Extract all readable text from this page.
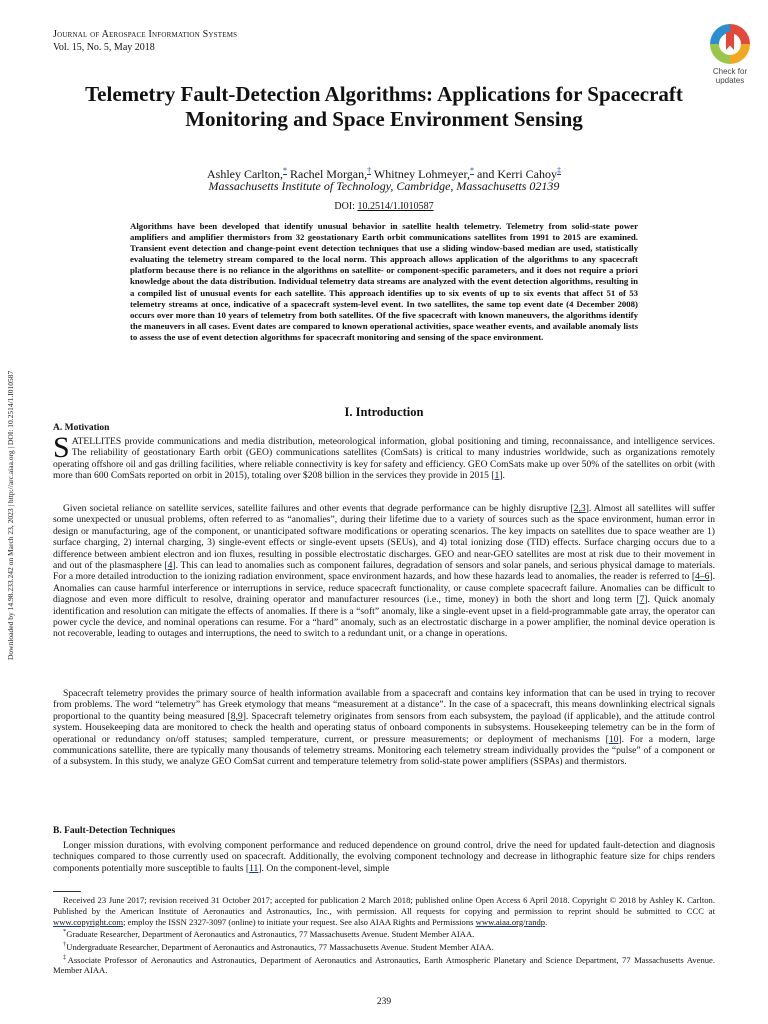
Downloaded by 14.98.233.242 on March 23, 2023 | http://arc.aiaa.org | DOI: 10.2514/1.I010587
Journal of Aerospace Information Systems
Vol. 15, No. 5, May 2018
Check for
updates
Telemetry Fault-Detection Algorithms: Applications for Spacecraft
Monitoring and Space Environment Sensing
Ashley Carlton,* Rachel Morgan,† Whitney Lohmeyer,* and Kerri Cahoy‡
Massachusetts Institute of Technology, Cambridge, Massachusetts 02139
DOI: 10.2514/1.I010587
Algorithms have been developed that identify unusual behavior in satellite health telemetry. Telemetry from solid-state power amplifiers and amplifier thermistors from 32 geostationary Earth orbit communications satellites from 1991 to 2015 are examined. Transient event detection and change-point event detection techniques that use a sliding window-based median are used, statistically evaluating the telemetry stream compared to the local norm. This approach allows application of the algorithms to any spacecraft platform because there is no reliance in the algorithms on satellite- or component-specific parameters, and it does not require a priori knowledge about the data distribution. Individual telemetry data streams are analyzed with the event detection algorithms, resulting in a compiled list of unusual events for each satellite. This approach identifies up to six events of up to six events that affect 51 of 53 telemetry streams at once, indicative of a spacecraft system-level event. In two satellites, the same top event date (4 December 2008) occurs over more than 10 years of telemetry from both satellites. Of the five spacecraft with known maneuvers, the algorithms identify the maneuvers in all cases. Event dates are compared to known operational activities, space weather events, and available anomaly lists to assess the use of event detection algorithms for spacecraft monitoring and sensing of the space environment.
I. Introduction
A. Motivation
SATELLITES provide communications and media distribution, meteorological information, global positioning and timing, reconnaissance, and intelligence services. The reliability of geostationary Earth orbit (GEO) communications satellites (ComSats) is critical to many industries worldwide, such as organizations remotely operating offshore oil and gas drilling facilities, where reliable connectivity is key for safety and efficiency. GEO ComSats make up over 50% of the satellites on orbit (with more than 600 ComSats reported on orbit in 2015), totaling over $208 billion in the services they provide in 2015 [1].
Given societal reliance on satellite services, satellite failures and other events that degrade performance can be highly disruptive [2,3]. Almost all satellites will suffer some unexpected or unusual problems, often referred to as “anomalies”, during their lifetime due to a variety of sources such as the space environment, human error in design or manufacturing, age of the component, or unanticipated software modifications or operating scenarios. The key impacts on satellites due to space weather are 1) surface charging, 2) internal charging, 3) single-event effects or single-event upsets (SEUs), and 4) total ionizing dose (TID) effects. Surface charging occurs due to a difference between ambient electron and ion fluxes, resulting in possible electrostatic discharges. GEO and near-GEO satellites are most at risk due to their movement in and out of the plasmasphere [4]. This can lead to anomalies such as component failures, degradation of sensors and solar panels, and serious physical damage to materials. For a more detailed introduction to the ionizing radiation environment, space environment hazards, and how these hazards lead to anomalies, the reader is referred to [4–6]. Anomalies can cause harmful interference or interruptions in service, reduce spacecraft functionality, or cause complete spacecraft failure. Anomalies can be difficult to diagnose and even more difficult to resolve, draining operator and manufacturer resources (i.e., time, money) in both the short and long term [7]. Quick anomaly identification and resolution can mitigate the effects of anomalies. If there is a “soft” anomaly, like a single-event upset in a field-programmable gate array, the operator can power cycle the device, and nominal operations can resume. For a “hard” anomaly, such as an electrostatic discharge in a power amplifier, the nominal device operation is not recoverable, leading to outages and interruptions, the need to switch to a redundant unit, or a change in operations.
Spacecraft telemetry provides the primary source of health information available from a spacecraft and contains key information that can be used in trying to recover from problems. The word “telemetry” has Greek etymology that means “measurement at a distance”. In the case of a spacecraft, this means downlinking electrical signals proportional to the quantity being measured [8,9]. Spacecraft telemetry originates from sensors from each subsystem, the payload (if applicable), and the attitude control system. Housekeeping data are monitored to check the health and operating status of onboard components in subsystems. Housekeeping telemetry can be in the form of operational or redundancy on/off statuses; sampled temperature, current, or pressure measurements; or deployment of mechanisms [10]. For a modern, large communications satellite, there are typically many thousands of telemetry streams. Monitoring each telemetry stream individually provides the “pulse” of a component or of a subsystem. In this study, we analyze GEO ComSat current and temperature telemetry from solid-state power amplifiers (SSPAs) and thermistors.
B. Fault-Detection Techniques
Longer mission durations, with evolving component performance and reduced dependence on ground control, drive the need for updated fault-detection and diagnosis techniques compared to those currently used on spacecraft. Additionally, the evolving component technology and decrease in lithographic feature size for chips renders components potentially more susceptible to faults [11]. On the component-level, simple

Received 23 June 2017; revision received 31 October 2017; accepted for publication 2 March 2018; published online Open Access 6 April 2018. Copyright © 2018 by Ashley K. Carlton. Published by the American Institute of Aeronautics and Astronautics, Inc., with permission. All requests for copying and permission to reprint should be submitted to CCC at www.copyright.com; employ the ISSN 2327-3097 (online) to initiate your request. See also AIAA Rights and Permissions www.aiaa.org/randp.

*Graduate Researcher, Department of Aeronautics and Astronautics, 77 Massachusetts Avenue. Student Member AIAA.

†Undergraduate Researcher, Department of Aeronautics and Astronautics, 77 Massachusetts Avenue. Student Member AIAA.

‡Associate Professor of Aeronautics and Astronautics, Department of Aeronautics and Astronautics, Earth Atmospheric Planetary and Science Department, 77 Massachusetts Avenue. Member AIAA.

239
